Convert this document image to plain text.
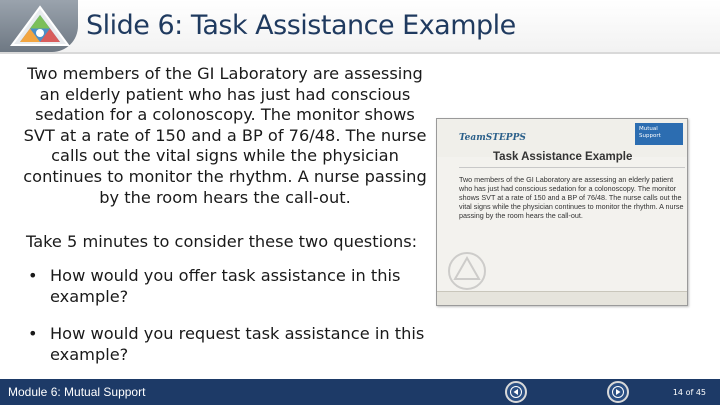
Slide 6: Task Assistance Example
Two members of the GI Laboratory are assessing an elderly patient who has just had conscious sedation for a colonoscopy. The monitor shows SVT at a rate of 150 and a BP of 76/48. The nurse calls out the vital signs while the physician continues to monitor the rhythm. A nurse passing by the room hears the call-out.
Take 5 minutes to consider these two questions:
• How would you offer task assistance in this example?
• How would you request task assistance in this example?
TeamSTEPPS
Mutual Support
Task Assistance Example
Two members of the GI Laboratory are assessing an elderly patient who has just had conscious sedation for a colonoscopy. The monitor shows SVT at a rate of 150 and a BP of 76/48. The nurse calls out the vital signs while the physician continues to monitor the rhythm. A nurse passing by the room hears the call-out.
Module 6: Mutual Support	14 of 45
